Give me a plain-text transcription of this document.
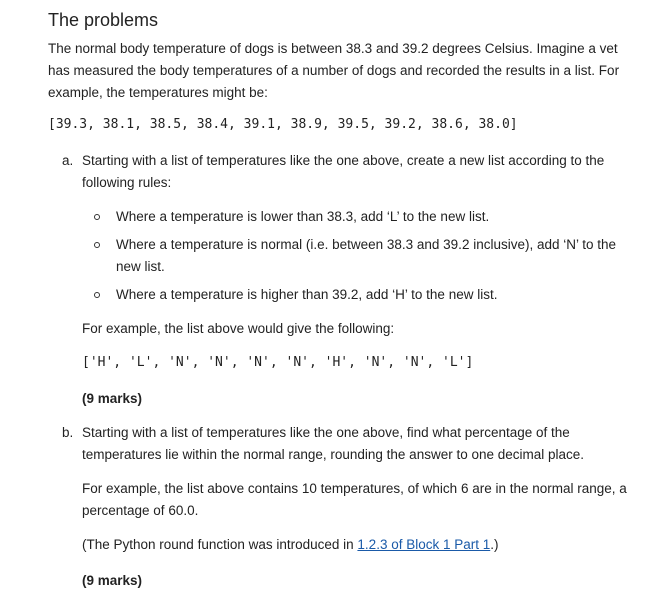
The problems

The normal body temperature of dogs is between 38.3 and 39.2 degrees Celsius. Imagine a vet has measured the body temperatures of a number of dogs and recorded the results in a list. For example, the temperatures might be:

[39.3, 38.1, 38.5, 38.4, 39.1, 38.9, 39.5, 39.2, 38.6, 38.0]
a. Starting with a list of temperatures like the one above, create a new list according to the following rules:

Where a temperature is lower than 38.3, add ‘L’ to the new list.
Where a temperature is normal (i.e. between 38.3 and 39.2 inclusive), add ‘N’ to the new list.
Where a temperature is higher than 39.2, add ‘H’ to the new list.

For example, the list above would give the following:

['H', 'L', 'N', 'N', 'N', 'N', 'H', 'N', 'N', 'L']
(9 marks)
b. Starting with a list of temperatures like the one above, find what percentage of the temperatures lie within the normal range, rounding the answer to one decimal place.

For example, the list above contains 10 temperatures, of which 6 are in the normal range, a percentage of 60.0.

(The Python round function was introduced in 1.2.3 of Block 1 Part 1.)

(9 marks)
